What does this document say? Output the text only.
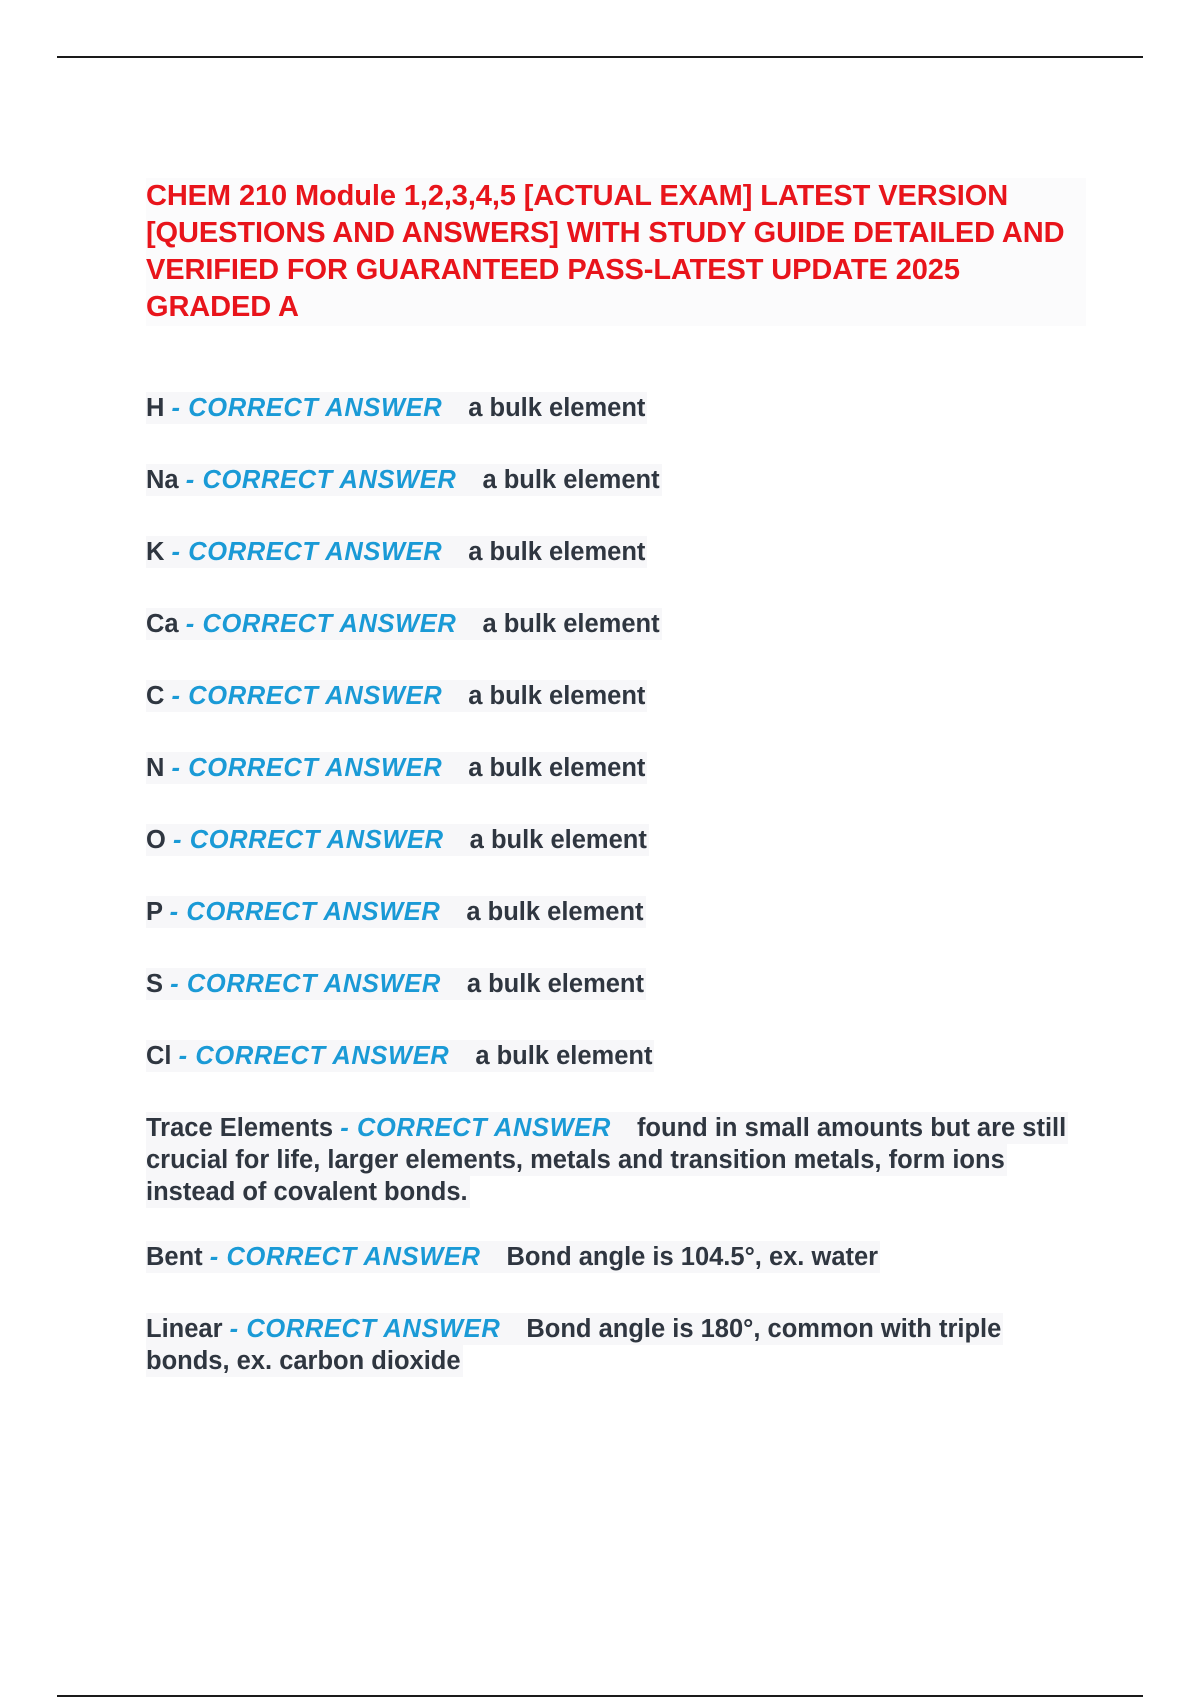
CHEM 210 Module 1,2,3,4,5 [ACTUAL EXAM] LATEST VERSION [QUESTIONS AND ANSWERS] WITH STUDY GUIDE DETAILED AND VERIFIED FOR GUARANTEED PASS-LATEST UPDATE 2025 GRADED A
H - CORRECT ANSWER a bulk element
Na - CORRECT ANSWER a bulk element
K - CORRECT ANSWER a bulk element
Ca - CORRECT ANSWER a bulk element
C - CORRECT ANSWER a bulk element
N - CORRECT ANSWER a bulk element
O - CORRECT ANSWER a bulk element
P - CORRECT ANSWER a bulk element
S - CORRECT ANSWER a bulk element
Cl - CORRECT ANSWER a bulk element
Trace Elements - CORRECT ANSWER found in small amounts but are still crucial for life, larger elements, metals and transition metals, form ions instead of covalent bonds.
Bent - CORRECT ANSWER Bond angle is 104.5°, ex. water
Linear - CORRECT ANSWER Bond angle is 180°, common with triple bonds, ex. carbon dioxide
